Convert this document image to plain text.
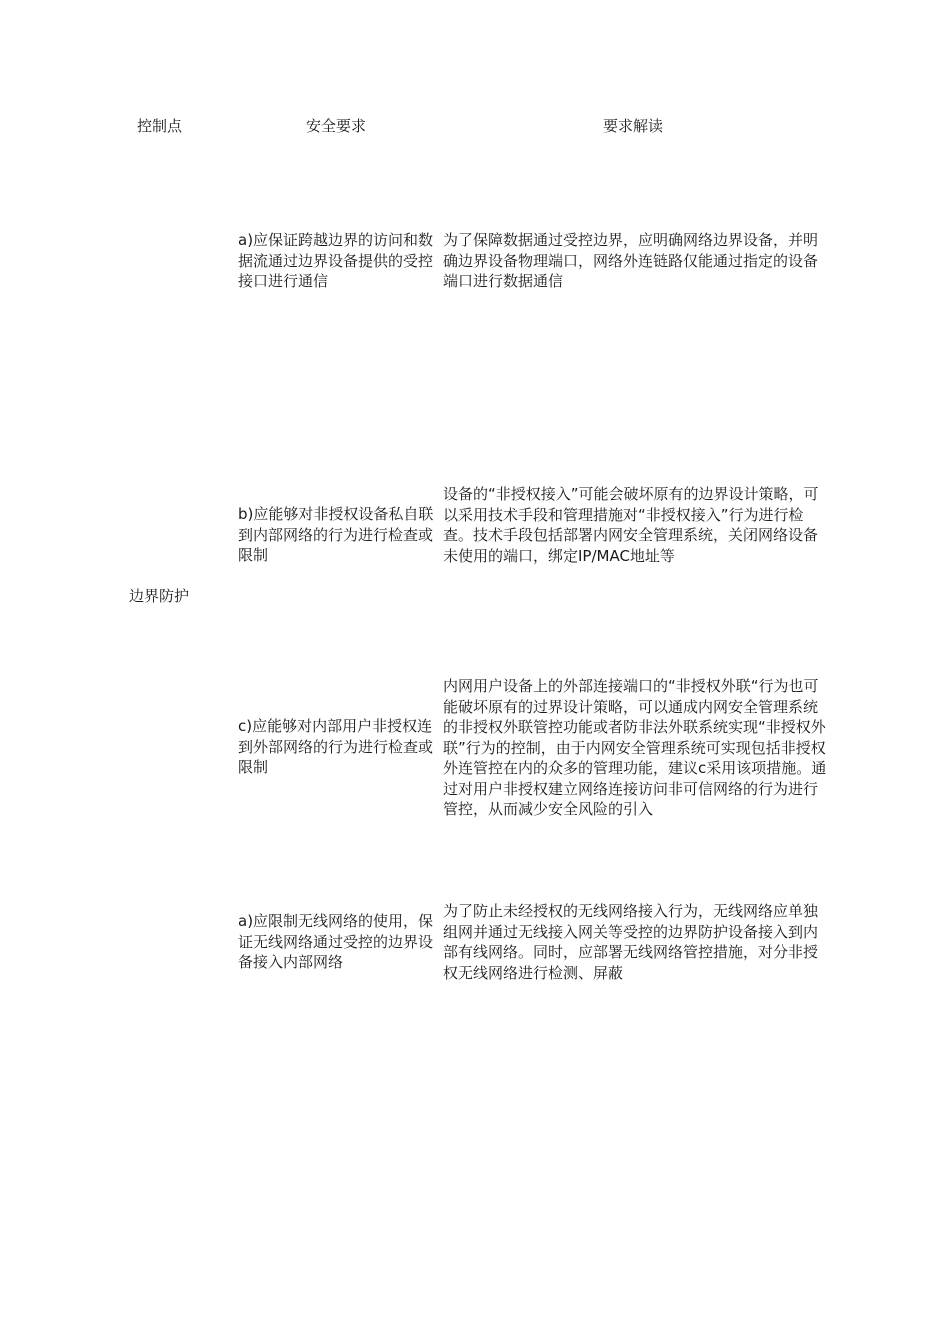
控制点	安全要求	要求解读
边界防护
a)应保证跨越边界的访问和数据流通过边界设备提供的受控接口进行通信
为了保障数据通过受控边界，应明确网络边界设备，并明确边界设备物理端口，网络外连链路仅能通过指定的设备端口进行数据通信
b)应能够对非授权设备私自联到内部网络的行为进行检查或限制
设备的“非授权接入”可能会破坏原有的边界设计策略，可以采用技术手段和管理措施对“非授权接入”行为进行检查。技术手段包括部署内网安全管理系统，关闭网络设备未使用的端口，绑定IP/MAC地址等
c)应能够对内部用户非授权连到外部网络的行为进行检查或限制
内网用户设备上的外部连接端口的“非授权外联“行为也可能破坏原有的过界设计策略，可以通成内网安全管理系统的非授权外联管控功能或者防非法外联系统实现“非授权外联”行为的控制，由于内网安全管理系统可实现包括非授权外连管控在内的众多的管理功能，建议c采用该项措施。通过对用户非授权建立网络连接访问非可信网络的行为进行管控，从而减少安全风险的引入
a)应限制无线网络的使用，保证无线网络通过受控的边界设备接入内部网络
为了防止未经授权的无线网络接入行为，无线网络应单独组网并通过无线接入网关等受控的边界防护设备接入到内部有线网络。同时，应部署无线网络管控措施，对分非授权无线网络进行检测、屏蔽
